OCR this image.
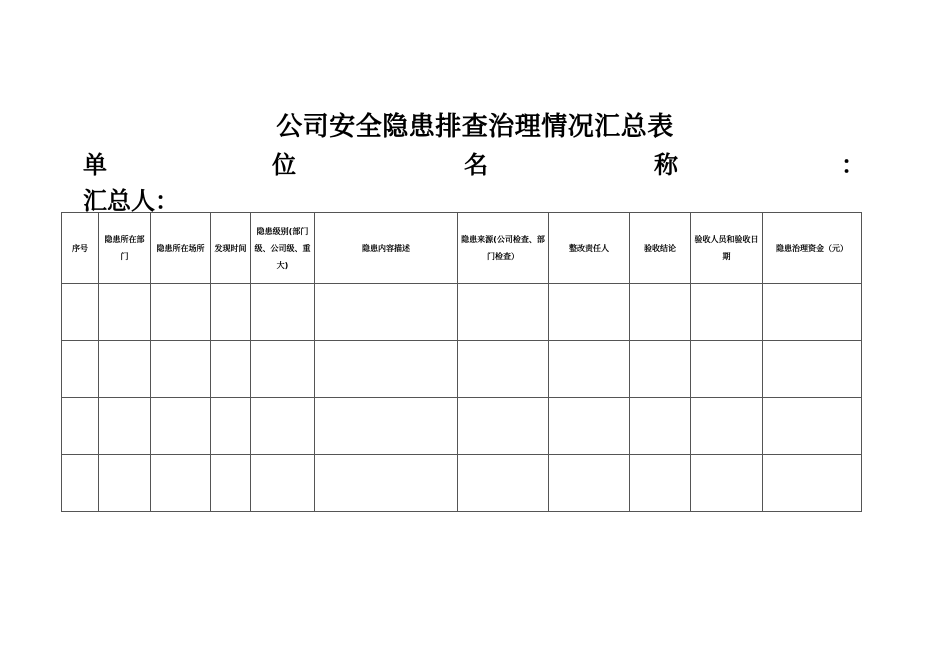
公司安全隐患排查治理情况汇总表
单	位	名	称	：
汇总人：
序号	隐患所在部门	隐患所在场所	发现时间	隐患级别(部门级、公司级、重大)	隐患内容描述	隐患来源(公司检查、部门检查）	整改责任人	验收结论	验收人员和验收日期	隐患治理资金（元）
